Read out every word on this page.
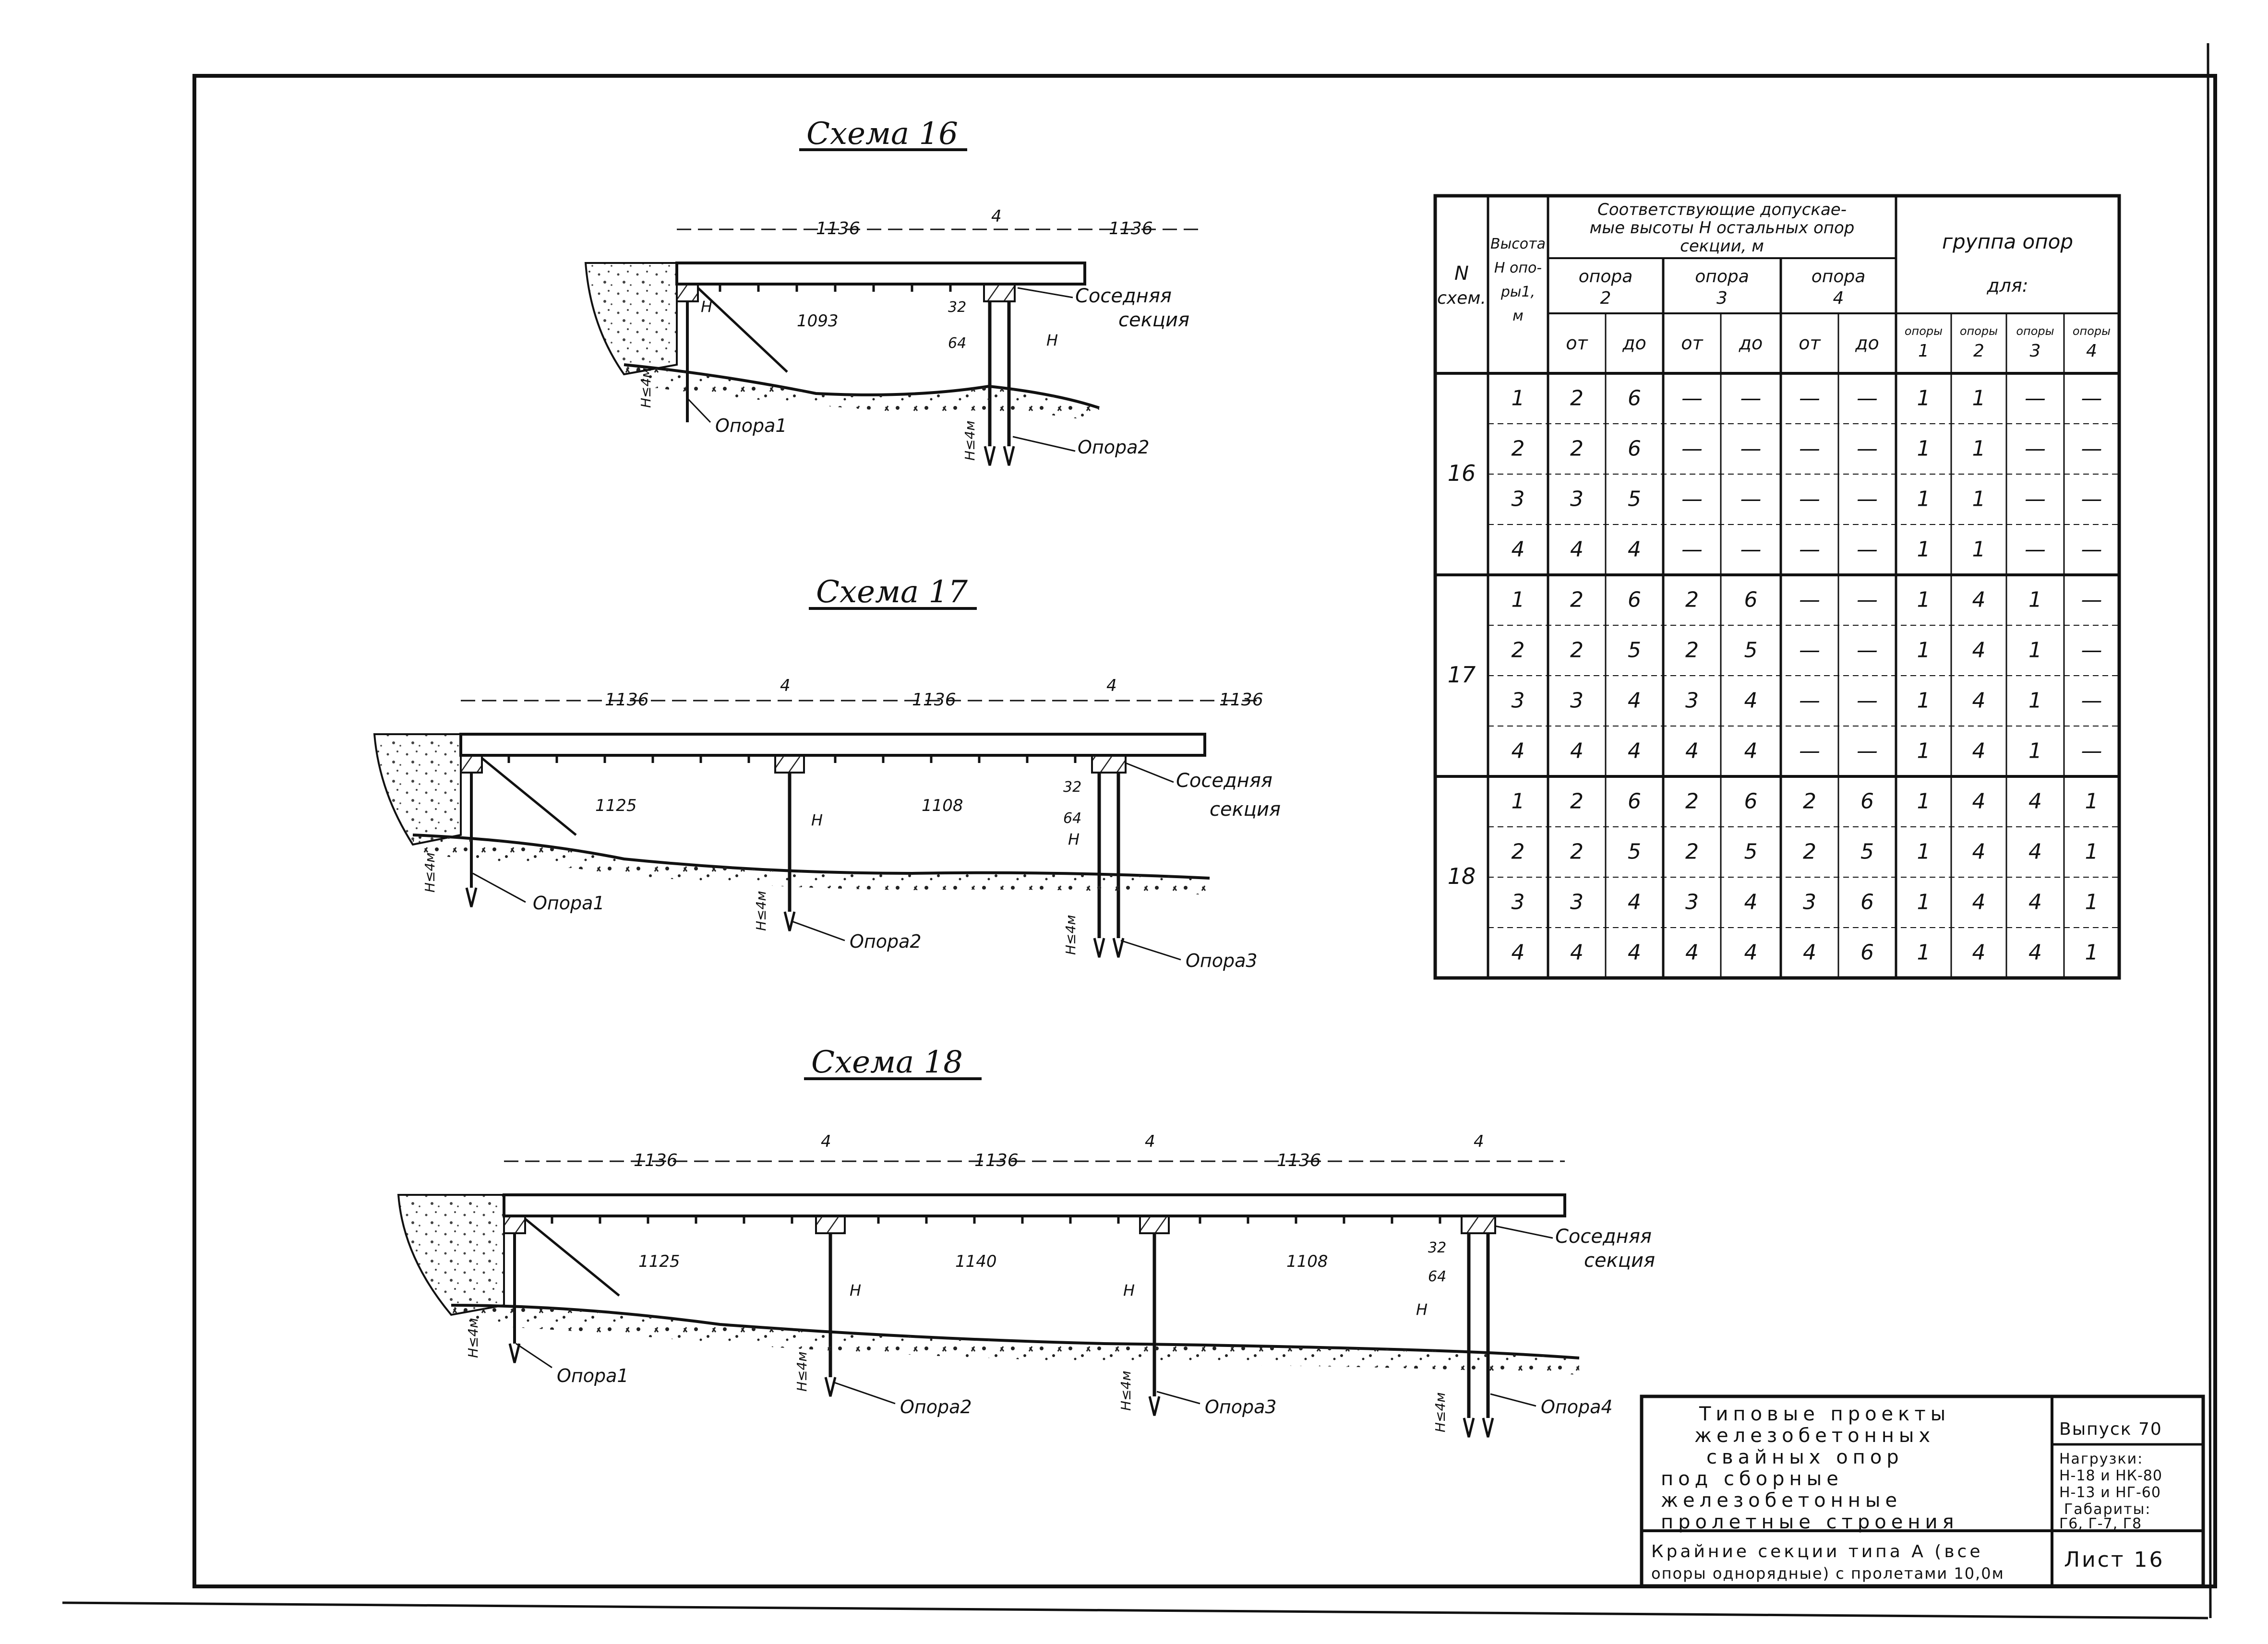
Схема 16
1136	1136
4
1093
32
64
Соседняя
секция
H
H
H≤4м
H≤4м
Опора1
Опора2
Схема 17
1136	1136	1136
4	4
1125	1108
32
64
Соседняя
секция
H
H
H≤4м
H≤4м
H≤4м
Опора1
Опора2
Опора3
Схема 18
1136	1136	1136
4	4	4
1125	1140	1108
32
64
Соседняя
секция
H	H
H
H≤4м
H≤4м	H≤4м
H≤4м
Опора1
Опора2	Опора3	Опора4
N
схем.
Высота
H опо-
ры1,
м
Соответствующие допускае-
мые высоты H остальных опор
секции, м
опора
2
опора
3
опора
4
от до от до от до
группа опор
для:
опоры
1
опоры
2
опоры
3
опоры
4
1 2 6 — — — — 1 1 — —
16
2 2 6 — — — — 1 1 — —
3 3 5 — — — — 1 1 — —
4 4 4 — — — — 1 1 — —
1 2 6 2 6 — — 1 4 1 —
17
2 2 5 2 5 — — 1 4 1 —
3 3 4 3 4 — — 1 4 1 —
4 4 4 4 4 — — 1 4 1 —
1 2 6 2 6 2 6 1 4 4 1
18
2 2 5 2 5 2 5 1 4 4 1
3 3 4 3 4 3 6 1 4 4 1
4 4 4 4 4 4 6 1 4 4 1
Типовые проекты
железобетонных
свайных опор
под сборные
железобетонные
пролетные строения
Выпуск 70
Нагрузки:
Н-18 и НК-80
Н-13 и НГ-60
Габариты:
Г6, Г-7, Г8
Крайние секции типа А (все
опоры однорядные) с пролетами 10,0м
Лист 16
